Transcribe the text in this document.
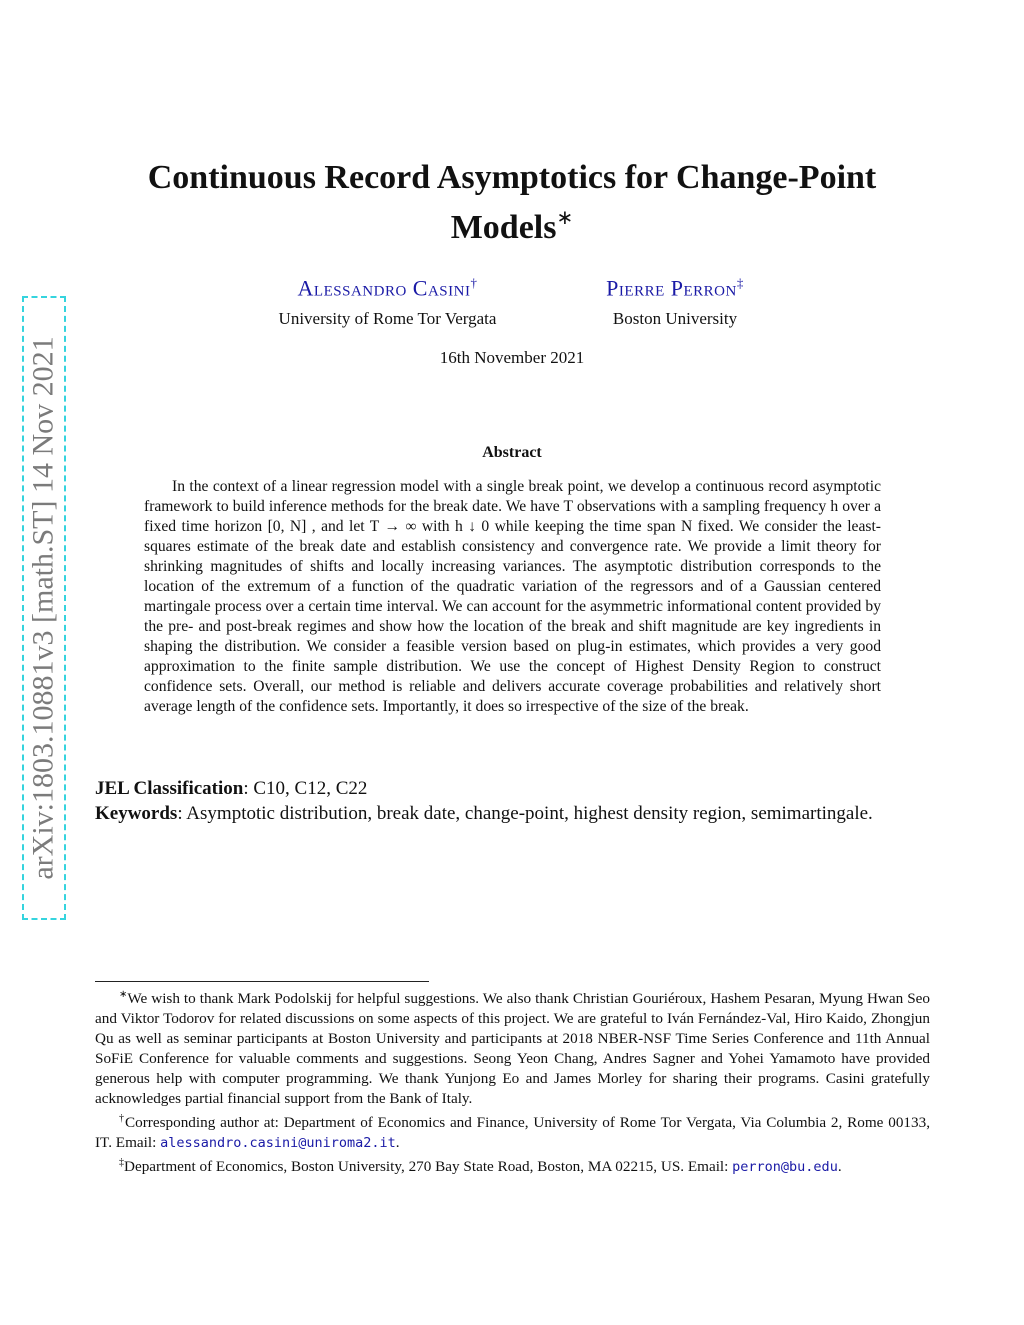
arXiv:1803.10881v3 [math.ST] 14 Nov 2021
Continuous Record Asymptotics for Change-Point Models∗
Alessandro Casini†
University of Rome Tor Vergata
Pierre Perron‡
Boston University
16th November 2021
Abstract
In the context of a linear regression model with a single break point, we develop a continuous record asymptotic framework to build inference methods for the break date. We have T observations with a sampling frequency h over a fixed time horizon [0, N] , and let T → ∞ with h ↓ 0 while keeping the time span N fixed. We consider the least-squares estimate of the break date and establish consistency and convergence rate. We provide a limit theory for shrinking magnitudes of shifts and locally increasing variances. The asymptotic distribution corresponds to the location of the extremum of a function of the quadratic variation of the regressors and of a Gaussian centered martingale process over a certain time interval. We can account for the asymmetric informational content provided by the pre- and post-break regimes and show how the location of the break and shift magnitude are key ingredients in shaping the distribution. We consider a feasible version based on plug-in estimates, which provides a very good approximation to the finite sample distribution. We use the concept of Highest Density Region to construct confidence sets. Overall, our method is reliable and delivers accurate coverage probabilities and relatively short average length of the confidence sets. Importantly, it does so irrespective of the size of the break.
JEL Classification: C10, C12, C22
Keywords: Asymptotic distribution, break date, change-point, highest density region, semimartingale.

∗We wish to thank Mark Podolskij for helpful suggestions. We also thank Christian Gouriéroux, Hashem Pesaran, Myung Hwan Seo and Viktor Todorov for related discussions on some aspects of this project. We are grateful to Iván Fernández-Val, Hiro Kaido, Zhongjun Qu as well as seminar participants at Boston University and participants at 2018 NBER-NSF Time Series Conference and 11th Annual SoFiE Conference for valuable comments and suggestions. Seong Yeon Chang, Andres Sagner and Yohei Yamamoto have provided generous help with computer programming. We thank Yunjong Eo and James Morley for sharing their programs. Casini gratefully acknowledges partial financial support from the Bank of Italy.

†Corresponding author at: Department of Economics and Finance, University of Rome Tor Vergata, Via Columbia 2, Rome 00133, IT. Email: alessandro.casini@uniroma2.it.

‡Department of Economics, Boston University, 270 Bay State Road, Boston, MA 02215, US. Email: perron@bu.edu.
